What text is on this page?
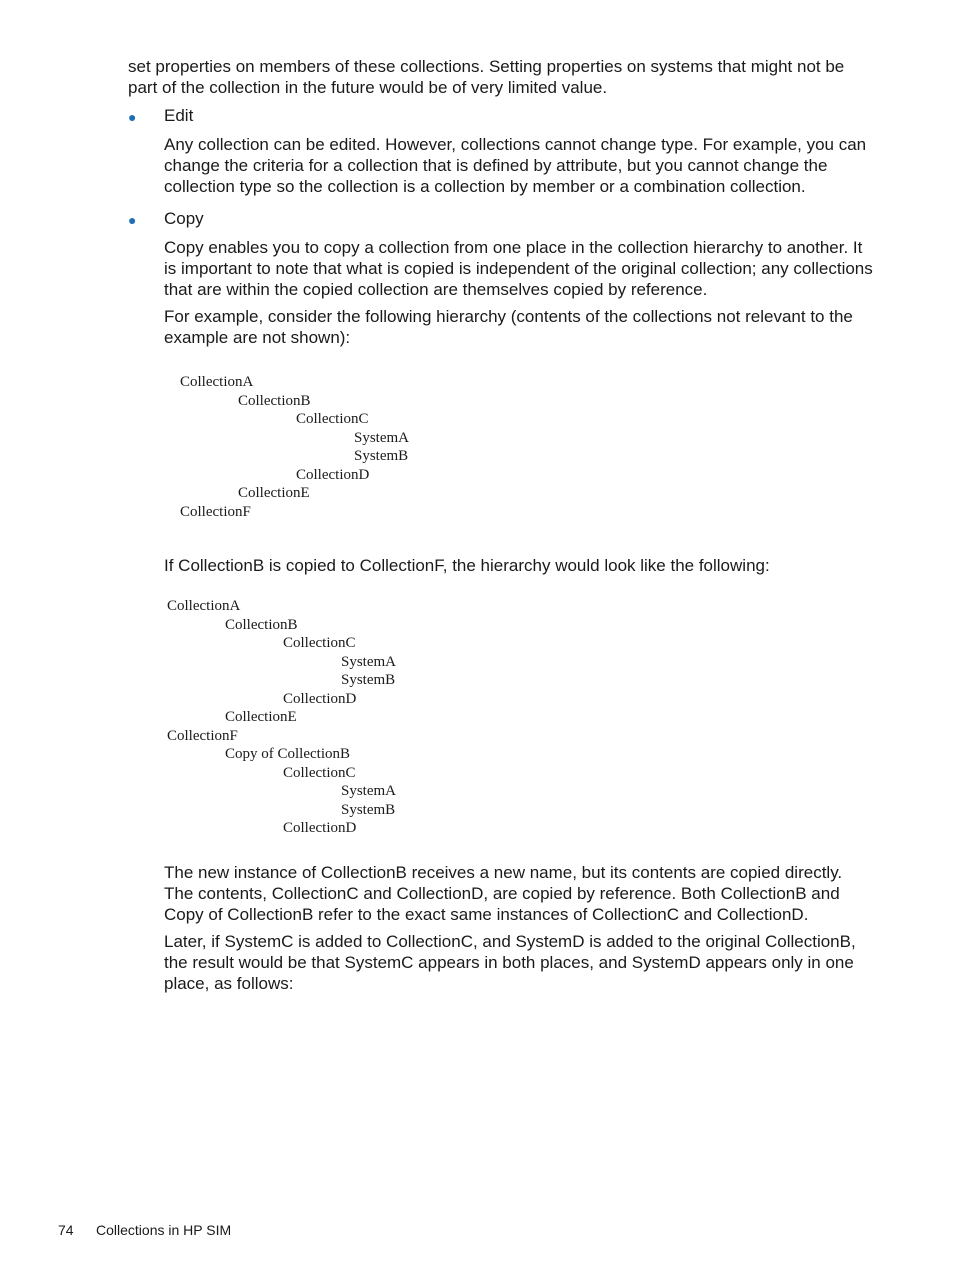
set properties on members of these collections. Setting properties on systems that might not be part of the collection in the future would be of very limited value.

● Edit

Any collection can be edited. However, collections cannot change type. For example, you can change the criteria for a collection that is defined by attribute, but you cannot change the collection type so the collection is a collection by member or a combination collection.

● Copy

Copy enables you to copy a collection from one place in the collection hierarchy to another. It is important to note that what is copied is independent of the original collection; any collections that are within the copied collection are themselves copied by reference.

For example, consider the following hierarchy (contents of the collections not relevant to the example are not shown):

CollectionA
CollectionB
CollectionC
SystemA
SystemB
CollectionD
CollectionE
CollectionF

If CollectionB is copied to CollectionF, the hierarchy would look like the following:

CollectionA
CollectionB
CollectionC
SystemA
SystemB
CollectionD
CollectionE
CollectionF
Copy of CollectionB
CollectionC
SystemA
SystemB
CollectionD

The new instance of CollectionB receives a new name, but its contents are copied directly. The contents, CollectionC and CollectionD, are copied by reference. Both CollectionB and Copy of CollectionB refer to the exact same instances of CollectionC and CollectionD.

Later, if SystemC is added to CollectionC, and SystemD is added to the original CollectionB, the result would be that SystemC appears in both places, and SystemD appears only in one place, as follows:

74 Collections in HP SIM
